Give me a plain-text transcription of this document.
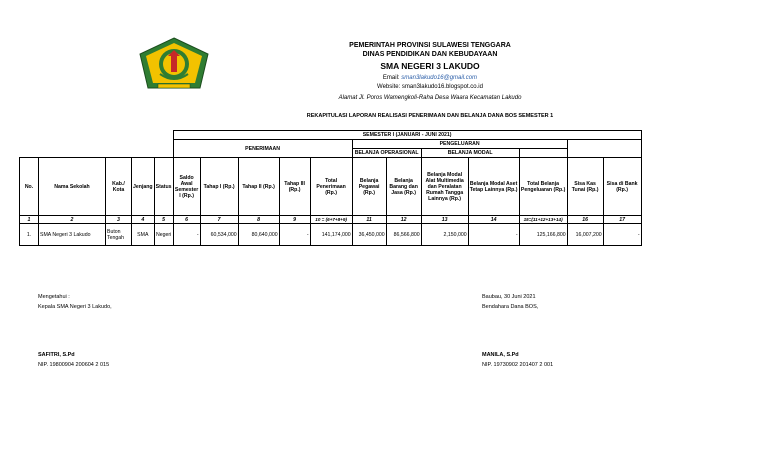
PEMERINTAH PROVINSI SULAWESI TENGGARA
DINAS PENDIDIKAN DAN KEBUDAYAAN
SMA NEGERI 3 LAKUDO
Email: sman3lakudo16@gmail.com
Website: sman3lakudo16.blogspot.co.id
Alamat Jl. Poros Wamengkoli-Raha Desa Waara Kecamatan Lakudo
REKAPITULASI LAPORAN REALISASI PENERIMAAN DAN BELANJA DANA BOS SEMESTER 1
					SEMESTER I (JANUARI - JUNI 2021)											
					PENERIMAAN					PENGELUARAN						
										BELANJA OPERASIONAL		BELANJA MODAL				
No.	Nama Sekolah	Kab./ Kota	Jenjang	Status	Saldo Awal Semester I (Rp.)	Tahap I (Rp.)	Tahap II (Rp.)	Tahap III (Rp.)	Total Penerimaan (Rp.)	Belanja Pegawai (Rp.)	Belanja Barang dan Jasa (Rp.)	Belanja Modal Alat Multimedia dan Peralatan Rumah Tangga Lainnya (Rp.)	Belanja Modal Aset Tetap Lainnya (Rp.)	Total Belanja Pengeluaran (Rp.)	Sisa Kas Tunai (Rp.)	Sisa di Bank (Rp.)
1	2	3	4	5	6	7	8	9	10 = (6+7+8+9)	11	12	13	14	15=(11+12+13+14)	16	17
1.	SMA Negeri 3 Lakudo	Buton Tengah	SMA	Negeri	-	60,534,000	80,640,000	-	141,174,000	36,450,000	86,566,800	2,150,000	-	125,166,800	16,007,200	-
Mengetahui :
Kepala SMA Negeri 3 Lakudo,
SAFITRI, S.Pd
NIP. 19800904 200604 2 015
Baubau, 30 Juni 2021
Bendahara Dana BOS,
MANILA, S.Pd
NIP. 19730902 201407 2 001
